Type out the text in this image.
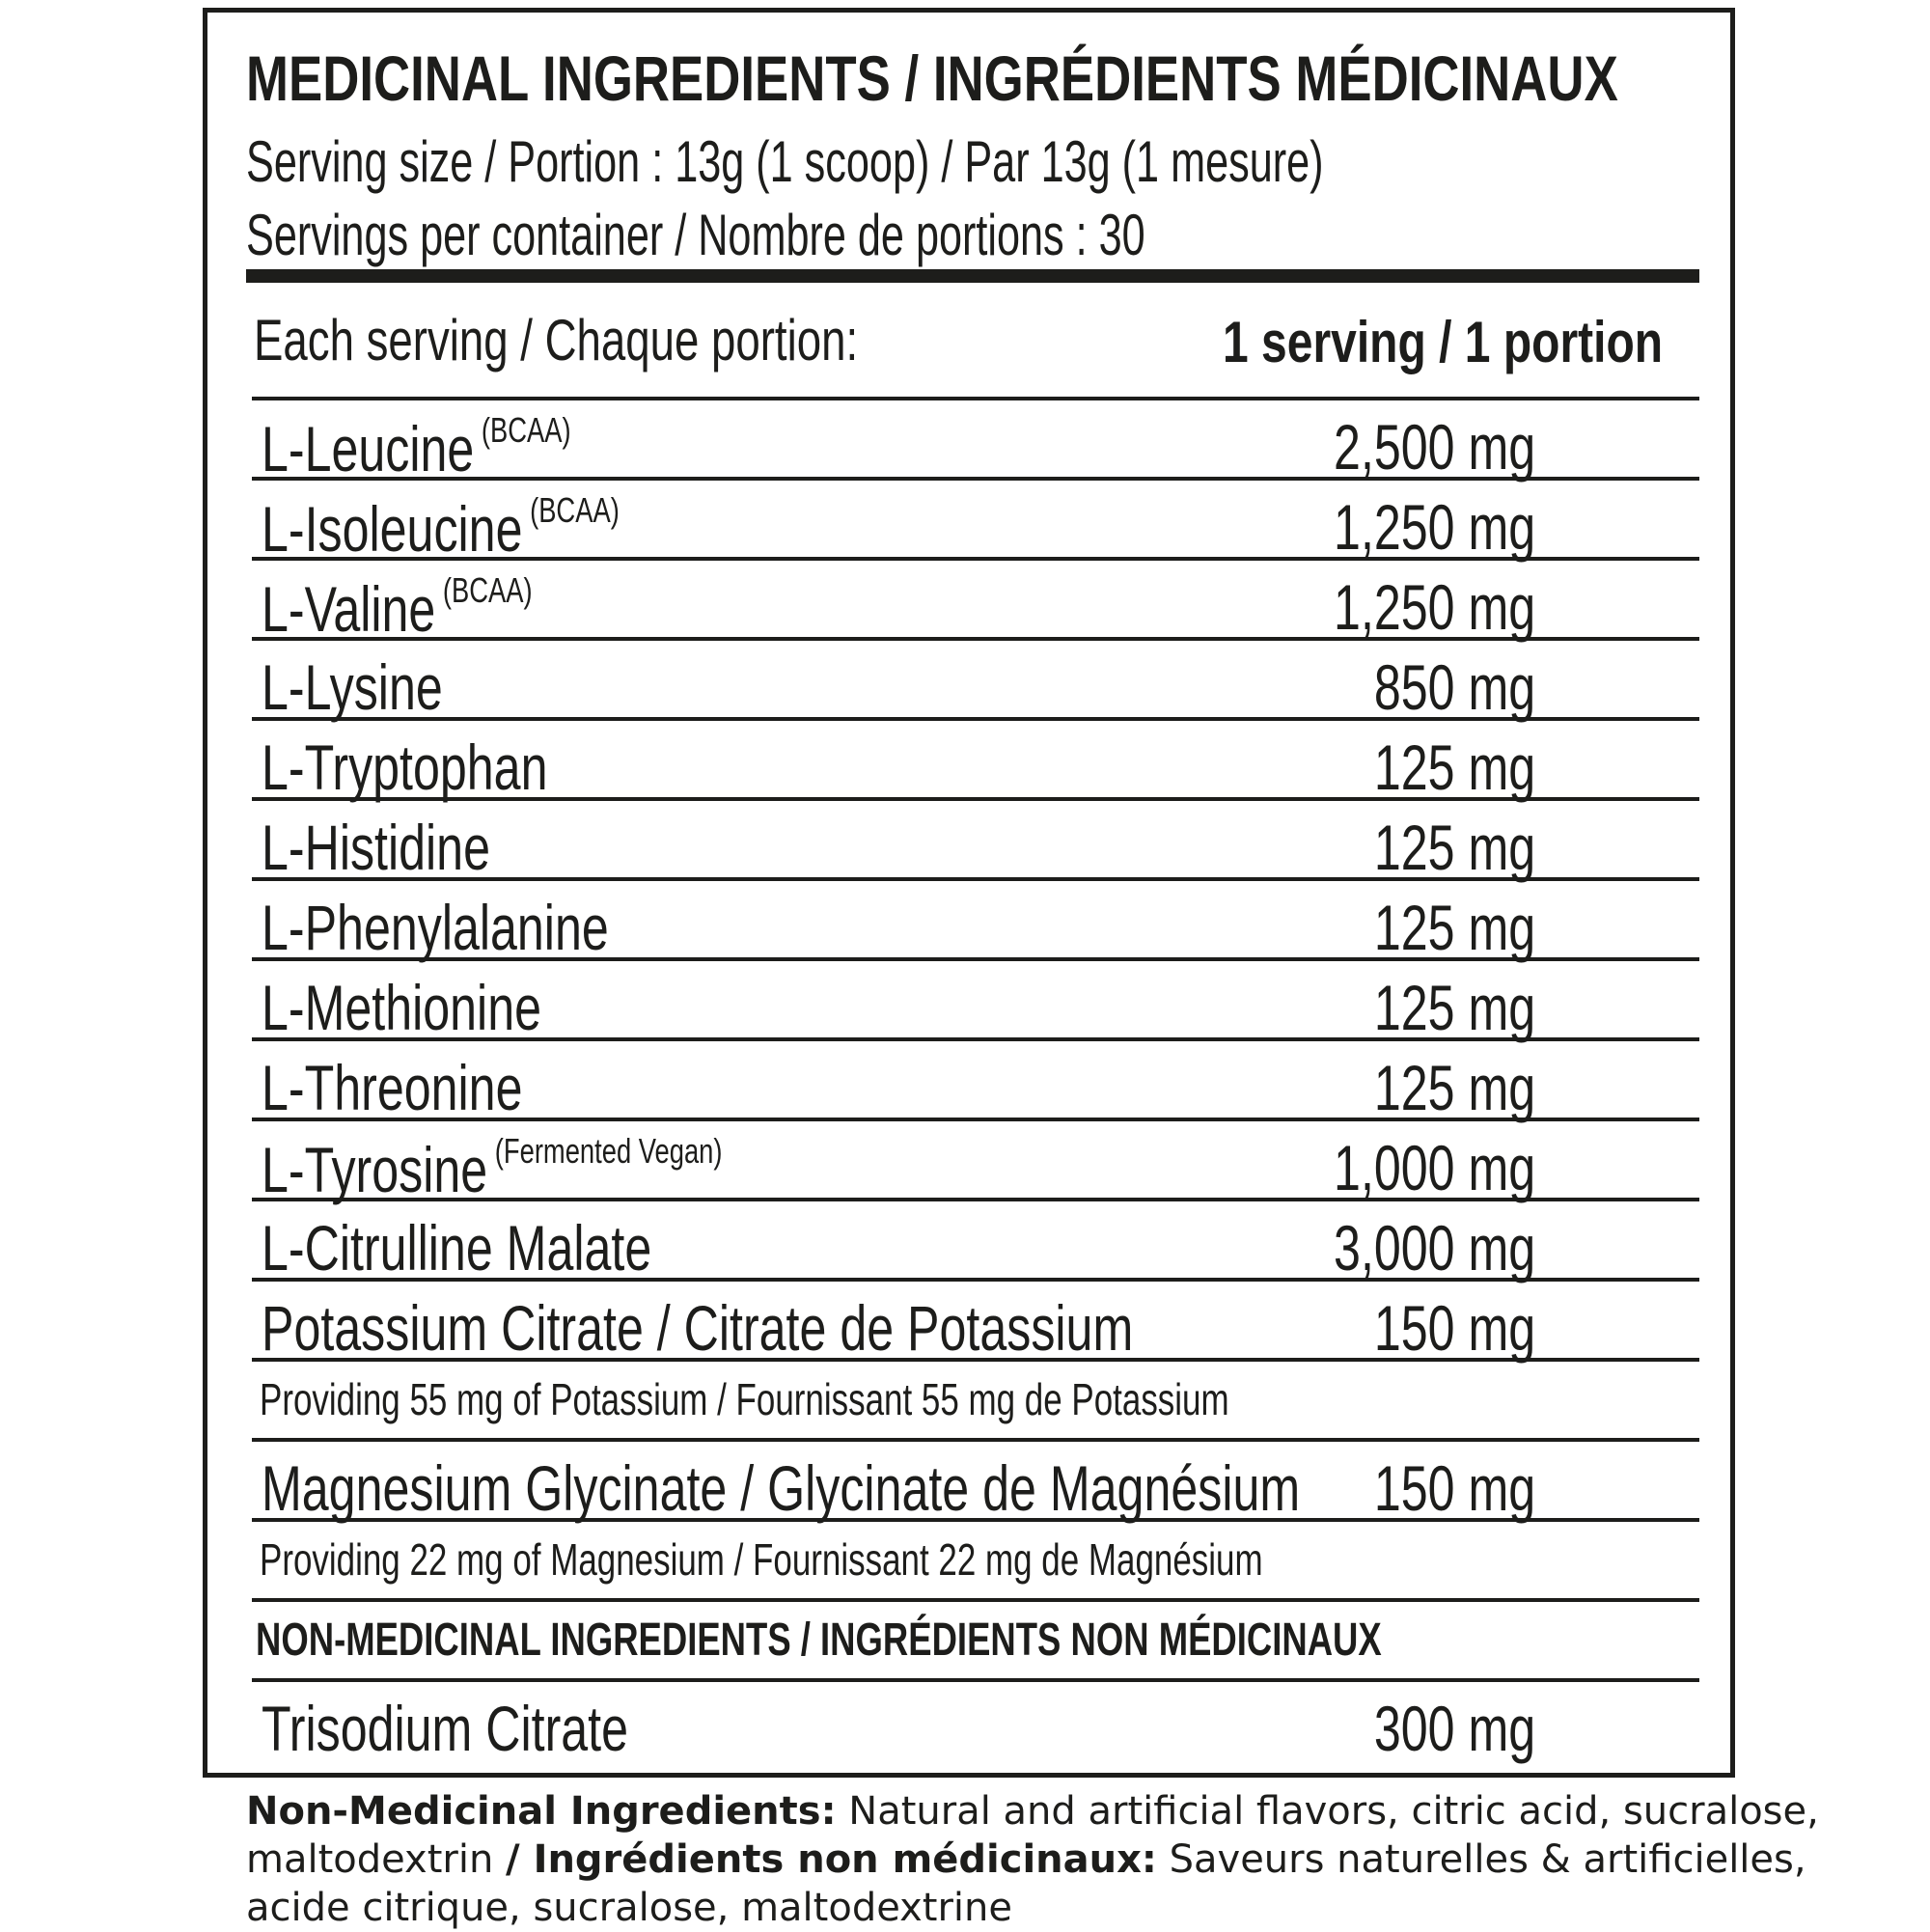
MEDICINAL INGREDIENTS / INGRÉDIENTS MÉDICINAUX
Serving size / Portion : 13g (1 scoop) / Par 13g (1 mesure)
Servings per container / Nombre de portions : 30
Each serving / Chaque portion:	1 serving / 1 portion
L-Leucine $^{(BCAA)}$	2,500 mg
L-Isoleucine $^{(BCAA)}$	1,250 mg
L-Valine $^{(BCAA)}$	1,250 mg
L-Lysine	850 mg
L-Tryptophan	125 mg
L-Histidine	125 mg
L-Phenylalanine	125 mg
L-Methionine	125 mg
L-Threonine	125 mg
L-Tyrosine $^{(Fermented Vegan)}$	1,000 mg
L-Citrulline Malate	3,000 mg
Potassium Citrate / Citrate de Potassium	150 mg
Providing 55 mg of Potassium / Fournissant 55 mg de Potassium
Magnesium Glycinate / Glycinate de Magnésium 150 mg
Providing 22 mg of Magnesium / Fournissant 22 mg de Magnésium
NON-MEDICINAL INGREDIENTS / INGRÉDIENTS NON MÉDICINAUX
Trisodium Citrate	300 mg
Non-Medicinal Ingredients: Natural and artificial flavors, citric acid, sucralose, maltodextrin / Ingrédients non médicinaux: Saveurs naturelles & artificielles, acide citrique, sucralose, maltodextrine
